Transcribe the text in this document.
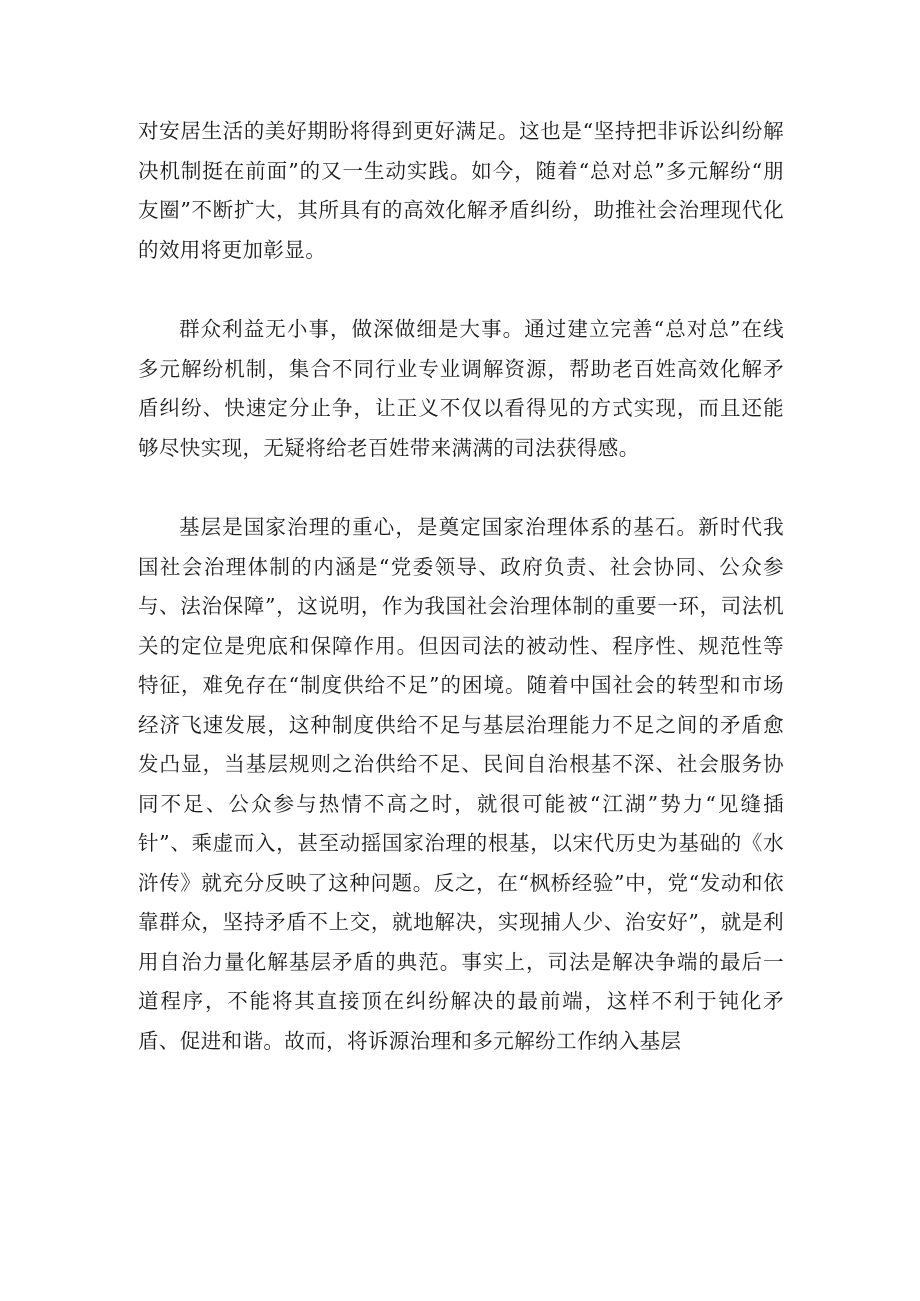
对安居生活的美好期盼将得到更好满足。这也是“坚持把非诉讼纠纷解决机制挺在前面”的又一生动实践。如今，随着“总对总”多元解纷“朋友圈”不断扩大，其所具有的高效化解矛盾纠纷，助推社会治理现代化的效用将更加彰显。

群众利益无小事，做深做细是大事。通过建立完善“总对总”在线多元解纷机制，集合不同行业专业调解资源，帮助老百姓高效化解矛盾纠纷、快速定分止争，让正义不仅以看得见的方式实现，而且还能够尽快实现，无疑将给老百姓带来满满的司法获得感。

基层是国家治理的重心，是奠定国家治理体系的基石。新时代我国社会治理体制的内涵是“党委领导、政府负责、社会协同、公众参与、法治保障”，这说明，作为我国社会治理体制的重要一环，司法机关的定位是兜底和保障作用。但因司法的被动性、程序性、规范性等特征，难免存在“制度供给不足”的困境。随着中国社会的转型和市场经济飞速发展，这种制度供给不足与基层治理能力不足之间的矛盾愈发凸显，当基层规则之治供给不足、民间自治根基不深、社会服务协同不足、公众参与热情不高之时，就很可能被“江湖”势力“见缝插针”、乘虚而入，甚至动摇国家治理的根基，以宋代历史为基础的《水浒传》就充分反映了这种问题。反之，在“枫桥经验”中，党“发动和依靠群众，坚持矛盾不上交，就地解决，实现捕人少、治安好”，就是利用自治力量化解基层矛盾的典范。事实上，司法是解决争端的最后一道程序，不能将其直接顶在纠纷解决的最前端，这样不利于钝化矛盾、促进和谐。故而，将诉源治理和多元解纷工作纳入基层
